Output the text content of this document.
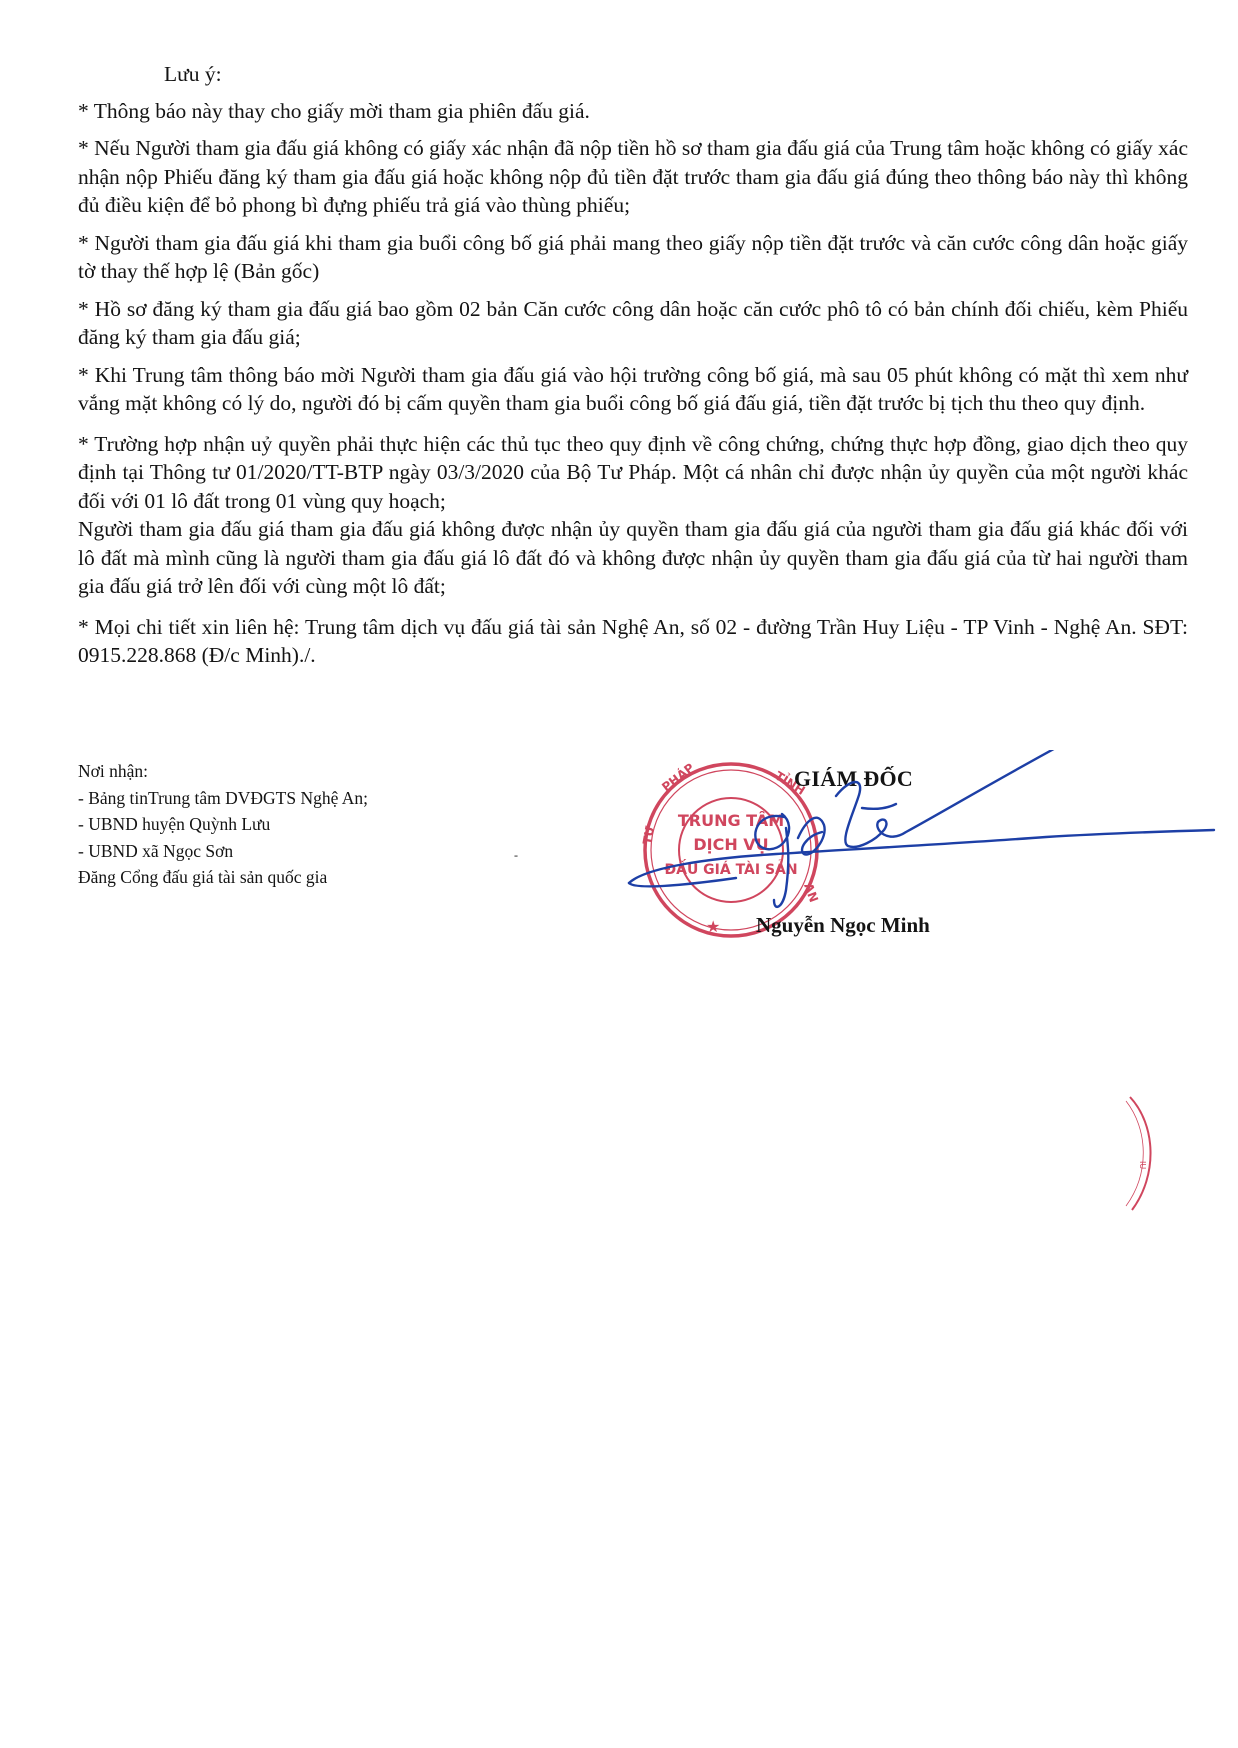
Lưu ý:

* Thông báo này thay cho giấy mời tham gia phiên đấu giá.

* Nếu Người tham gia đấu giá không có giấy xác nhận đã nộp tiền hồ sơ tham gia đấu giá của Trung tâm hoặc không có giấy xác nhận nộp Phiếu đăng ký tham gia đấu giá hoặc không nộp đủ tiền đặt trước tham gia đấu giá đúng theo thông báo này thì không đủ điều kiện để bỏ phong bì đựng phiếu trả giá vào thùng phiếu;

* Người tham gia đấu giá khi tham gia buổi công bố giá phải mang theo giấy nộp tiền đặt trước và căn cước công dân hoặc giấy tờ thay thế hợp lệ (Bản gốc)

* Hồ sơ đăng ký tham gia đấu giá bao gồm 02 bản Căn cước công dân hoặc căn cước phô tô có bản chính đối chiếu, kèm Phiếu đăng ký tham gia đấu giá;

* Khi Trung tâm thông báo mời Người tham gia đấu giá vào hội trường công bố giá, mà sau 05 phút không có mặt thì xem như vắng mặt không có lý do, người đó bị cấm quyền tham gia buổi công bố giá đấu giá, tiền đặt trước bị tịch thu theo quy định.

* Trường hợp nhận uỷ quyền phải thực hiện các thủ tục theo quy định về công chứng, chứng thực hợp đồng, giao dịch theo quy định tại Thông tư 01/2020/TT-BTP ngày 03/3/2020 của Bộ Tư Pháp. Một cá nhân chỉ được nhận ủy quyền của một người khác đối với 01 lô đất trong 01 vùng quy hoạch;

Người tham gia đấu giá tham gia đấu giá không được nhận ủy quyền tham gia đấu giá của người tham gia đấu giá khác đối với lô đất mà mình cũng là người tham gia đấu giá lô đất đó và không được nhận ủy quyền tham gia đấu giá của từ hai người tham gia đấu giá trở lên đối với cùng một lô đất;

* Mọi chi tiết xin liên hệ: Trung tâm dịch vụ đấu giá tài sản Nghệ An, số 02 - đường Trần Huy Liệu - TP Vinh - Nghệ An. SĐT: 0915.228.868 (Đ/c Minh)./.

Nơi nhận:
- Bảng tinTrung tâm DVĐGTS Nghệ An;
- UBND huyện Quỳnh Lưu
- UBND xã Ngọc Sơn
Đăng Cổng đấu giá tài sản quốc gia
-
PHÁP	TỈNH
TƯ
AN
TRUNG TÂM
DỊCH VỤ
ĐẤU GIÁ TÀI SẢN
★
GIÁM ĐỐC
Nguyễn Ngọc Minh
IU
